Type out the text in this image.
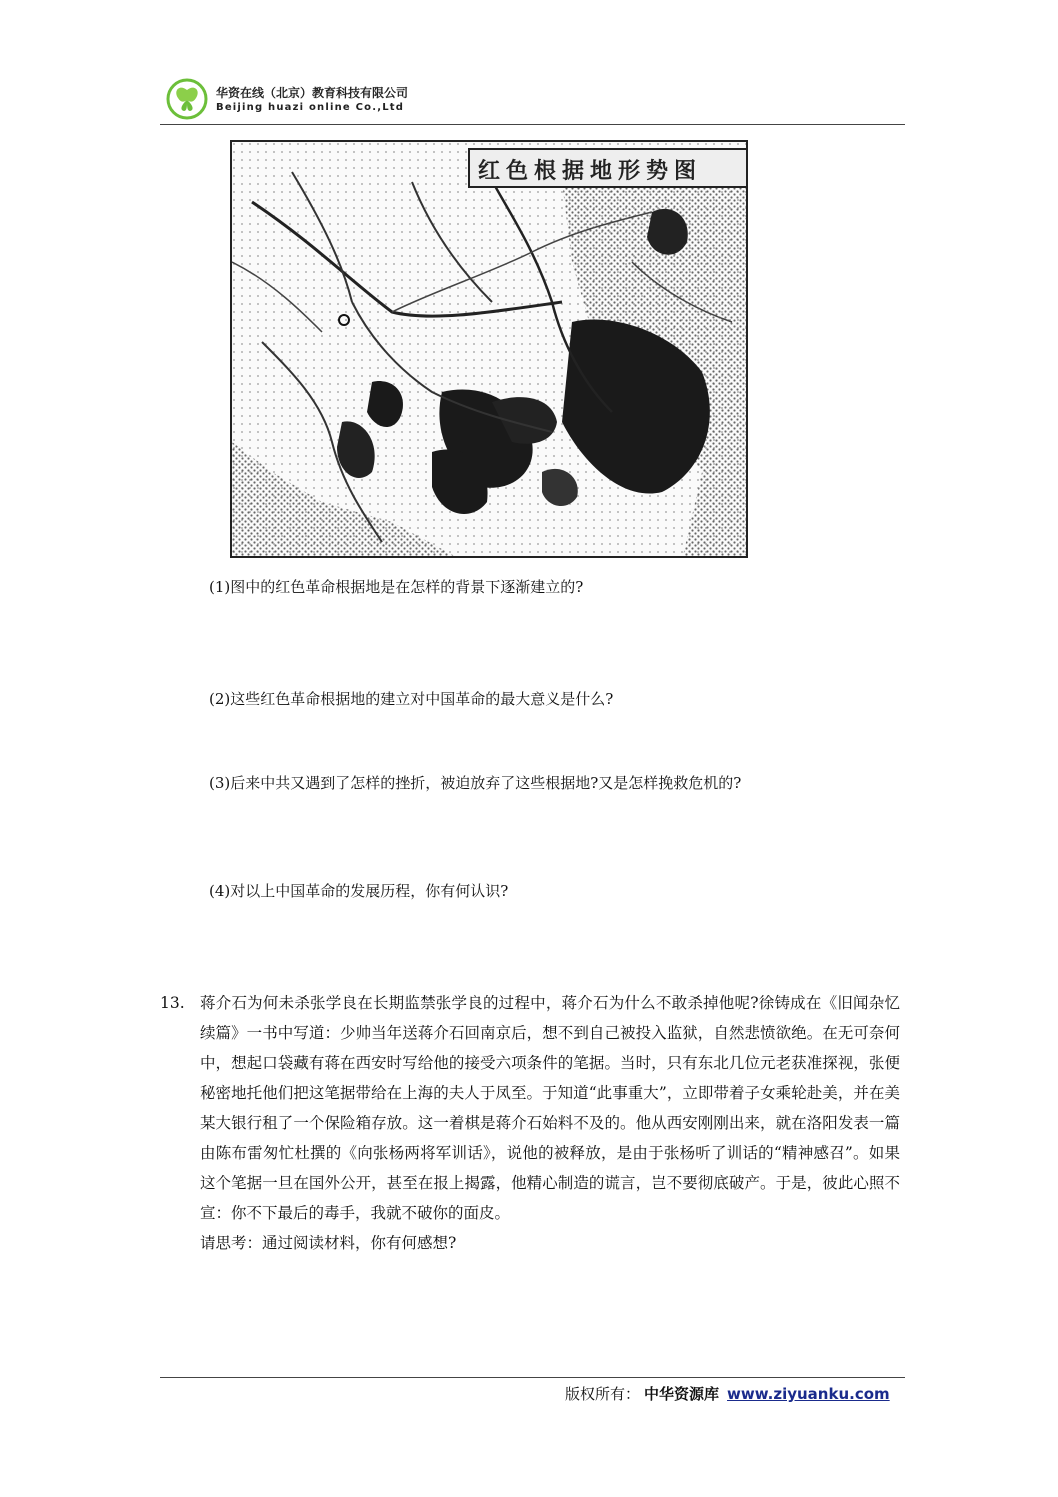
华资在线（北京）教育科技有限公司
Beijing huazi online Co.,Ltd
红色根据地形势图
(1)图中的红色革命根据地是在怎样的背景下逐渐建立的?
(2)这些红色革命根据地的建立对中国革命的最大意义是什么?
(3)后来中共又遇到了怎样的挫折，被迫放弃了这些根据地?又是怎样挽救危机的?
(4)对以上中国革命的发展历程，你有何认识?
13. 蒋介石为何未杀张学良在长期监禁张学良的过程中，蒋介石为什么不敢杀掉他呢?徐铸成在《旧闻杂忆续篇》一书中写道：少帅当年送蒋介石回南京后，想不到自己被投入监狱，自然悲愤欲绝。在无可奈何中，想起口袋藏有蒋在西安时写给他的接受六项条件的笔据。当时，只有东北几位元老获准探视，张便秘密地托他们把这笔据带给在上海的夫人于凤至。于知道“此事重大”，立即带着子女乘轮赴美，并在美某大银行租了一个保险箱存放。这一着棋是蒋介石始料不及的。他从西安刚刚出来，就在洛阳发表一篇由陈布雷匆忙杜撰的《向张杨两将军训话》，说他的被释放，是由于张杨听了训话的“精神感召”。如果这个笔据一旦在国外公开，甚至在报上揭露，他精心制造的谎言，岂不要彻底破产。于是，彼此心照不宣：你不下最后的毒手，我就不破你的面皮。
请思考：通过阅读材料，你有何感想?
版权所有： 中华资源库 www.ziyuanku.com
